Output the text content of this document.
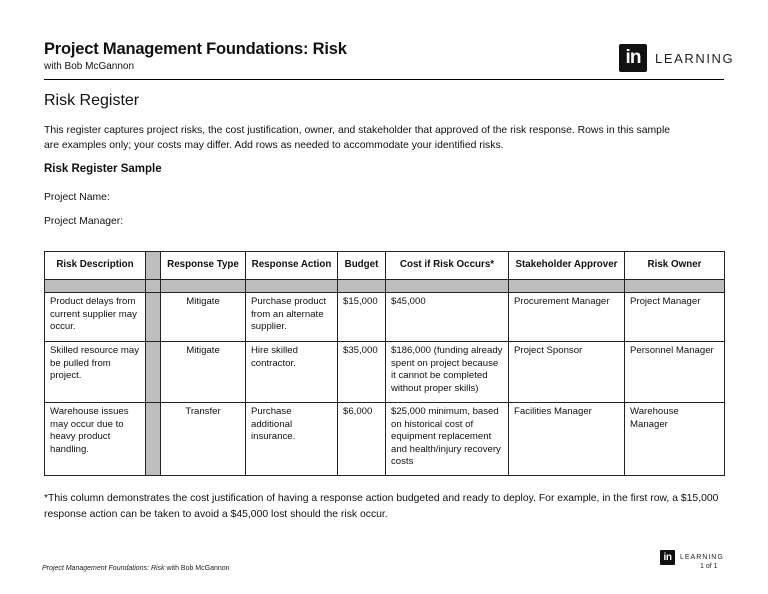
Project Management Foundations: Risk
with Bob McGannon	in	LEARNING
Risk Register
This register captures project risks, the cost justification, owner, and stakeholder that approved of the risk response. Rows in this sample are examples only; your costs may differ. Add rows as needed to accommodate your identified risks.
Risk Register Sample
Project Name:
Project Manager:
Risk Description		Response Type	Response Action	Budget	Cost if Risk Occurs*	Stakeholder Approver	Risk Owner

Product delays from current supplier may occur.		Mitigate	Purchase product from an alternate supplier.	$15,000	$45,000	Procurement Manager	Project Manager
Skilled resource may be pulled from project.		Mitigate	Hire skilled contractor.	$35,000	$186,000 (funding already spent on project because it cannot be completed without proper skills)	Project Sponsor	Personnel Manager
Warehouse issues may occur due to heavy product handling.		Transfer	Purchase additional insurance.	$6,000	$25,000 minimum, based on historical cost of equipment replacement and health/injury recovery costs	Facilities Manager	Warehouse Manager
*This column demonstrates the cost justification of having a response action budgeted and ready to deploy. For example, in the first row, a $15,000 response action can be taken to avoid a $45,000 lost should the risk occur.
Project Management Foundations: Risk with Bob McGannon
in	LEARNING
1 of 1
